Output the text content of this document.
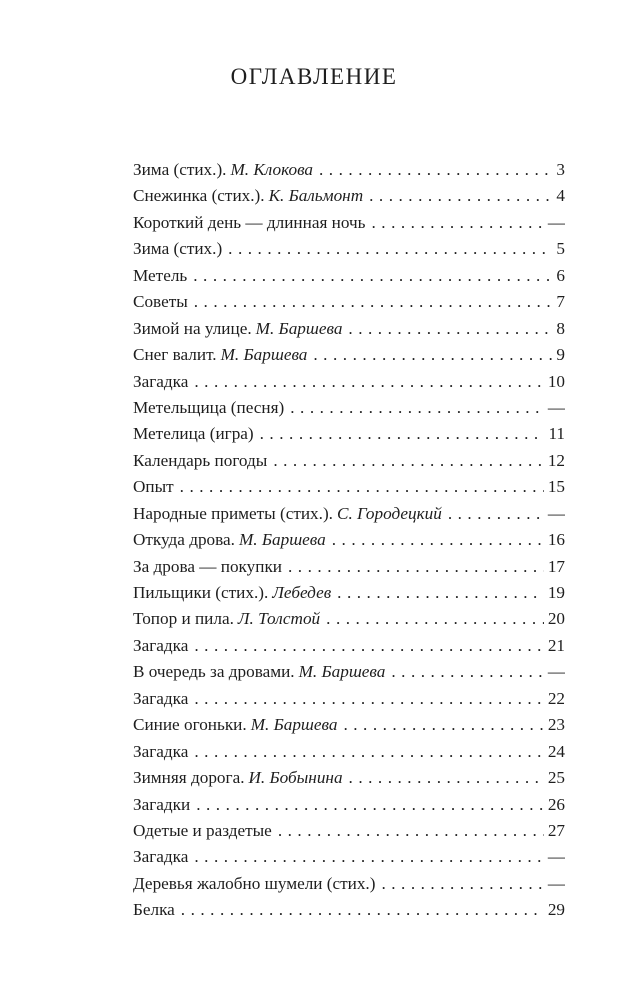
ОГЛАВЛЕНИЕ
Зима (стих.). М. Клокова . . .	3
Снежинка (стих.). К. Бальмонт . . .	4
Короткий день — длинная ночь . . .	—
Зима (стих.) . . .	5
Метель . . .	6
Советы . . .	7
Зимой на улице. М. Баршева . . .	8
Снег валит. М. Баршева . . .	9
Загадка . . .	10
Метельщица (песня) . . .	—
Метелица (игра) . . .	11
Календарь погоды . . .	12
Опыт . . .	15
Народные приметы (стих.). С. Городецкий . . .	—
Откуда дрова. М. Баршева . . .	16
За дрова — покупки . . .	17
Пильщики (стих.). Лебедев . . .	19
Топор и пила. Л. Толстой . . .	20
Загадка . . .	21
В очередь за дровами. М. Баршева . . .	—
Загадка . . .	22
Синие огоньки. М. Баршева . . .	23
Загадка . . .	24
Зимняя дорога. И. Бобынина . . .	25
Загадки . . .	26
Одетые и раздетые . . .	27
Загадка . . .	—
Деревья жалобно шумели (стих.) . . .	—
Белка . . .	29
